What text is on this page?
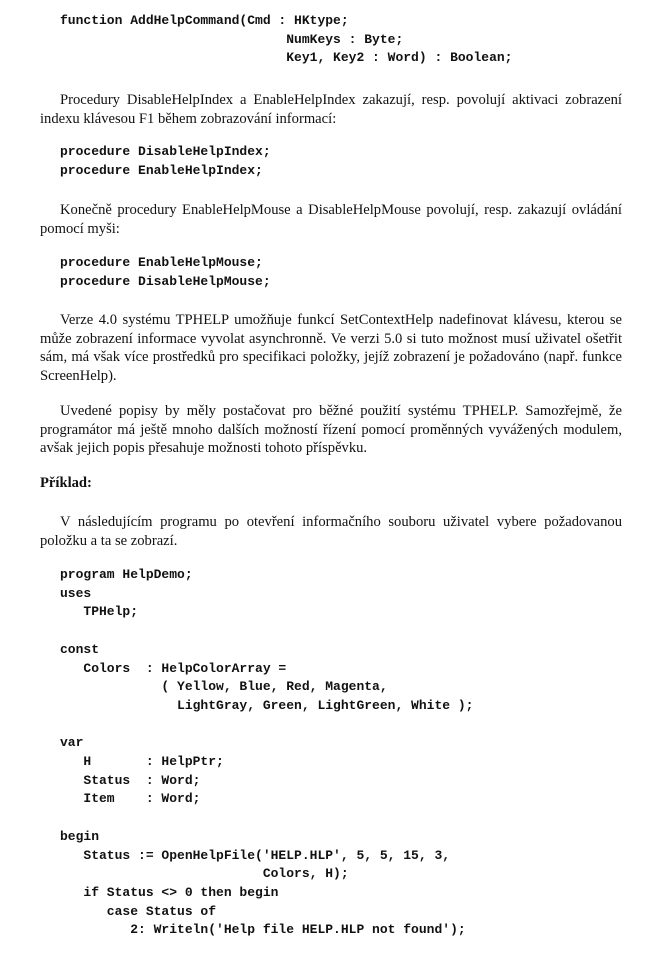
function AddHelpCommand(Cmd : HKtype;
NumKeys : Byte;
Key1, Key2 : Word) : Boolean;

Procedury DisableHelpIndex a EnableHelpIndex zakazují, resp. povolují aktivaci zobrazení indexu klávesou F1 během zobrazování informací:

procedure DisableHelpIndex;
procedure EnableHelpIndex;

Konečně procedury EnableHelpMouse a DisableHelpMouse povolují, resp. zakazují ovládání pomocí myši:

procedure EnableHelpMouse;
procedure DisableHelpMouse;

Verze 4.0 systému TPHELP umožňuje funkcí SetContextHelp nadefinovat klávesu, kterou se může zobrazení informace vyvolat asynchronně. Ve verzi 5.0 si tuto možnost musí uživatel ošetřit sám, má však více prostředků pro specifikaci položky, jejíž zobrazení je požadováno (např. funkce ScreenHelp).

Uvedené popisy by měly postačovat pro běžné použití systému TPHELP. Samozřejmě, že programátor má ještě mnoho dalších možností řízení pomocí proměnných vyvážených modulem, avšak jejich popis přesahuje možnosti tohoto příspěvku.

Příklad:

V následujícím programu po otevření informačního souboru uživatel vybere požadovanou položku a ta se zobrazí.

program HelpDemo;
uses
TPHelp;

const
Colors  : HelpColorArray =
( Yellow, Blue, Red, Magenta,
LightGray, Green, LightGreen, White );

var
H       : HelpPtr;
Status  : Word;
Item    : Word;

begin
Status := OpenHelpFile('HELP.HLP', 5, 5, 15, 3,
Colors, H);
if Status <> 0 then begin
case Status of
2: Writeln('Help file HELP.HLP not found');
